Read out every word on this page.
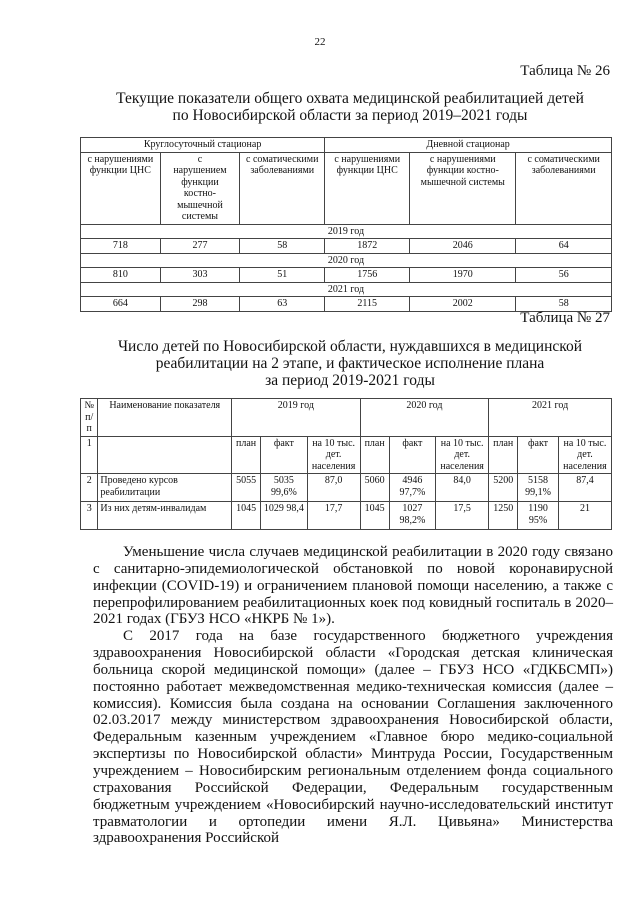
22
Таблица № 26
Текущие показатели общего охвата медицинской реабилитацией детей
по Новосибирской области за период 2019–2021 годы
Круглосуточный стационар			Дневной стационар		
с нарушениями функции ЦНС	с нарушением функции костно-мышечной системы	с соматическими заболеваниями	с нарушениями функции ЦНС	с нарушениями функции костно-мышечной системы	с соматическими заболеваниями
2019 год					
718	277	58	1872	2046	64
2020 год					
810	303	51	1756	1970	56
2021 год					
664	298	63	2115	2002	58
Таблица № 27
Число детей по Новосибирской области, нуждавшихся в медицинской
реабилитации на 2 этапе, и фактическое исполнение плана
за период 2019-2021 годы
№ п/п	Наименование показателя	2019 год			2020 год			2021 год		
1		план	факт	на 10 тыс. дет. населения	план	факт	на 10 тыс. дет. населения	план	факт	на 10 тыс. дет. населения
2	Проведено курсов реабилитации	5055	5035 99,6%	87,0	5060	4946 97,7%	84,0	5200	5158 99,1%	87,4
3	Из них детям-инвалидам	1045	1029 98,4	17,7	1045	1027 98,2%	17,5	1250	1190 95%	21

Уменьшение числа случаев медицинской реабилитации в 2020 году связано с санитарно-эпидемиологической обстановкой по новой коронавирусной инфекции (COVID-19) и ограничением плановой помощи населению, а также с перепрофилированием реабилитационных коек под ковидный госпиталь в 2020–2021 годах (ГБУЗ НСО «НКРБ № 1»).

С 2017 года на базе государственного бюджетного учреждения здравоохранения Новосибирской области «Городская детская клиническая больница скорой медицинской помощи» (далее – ГБУЗ НСО «ГДКБСМП») постоянно работает межведомственная медико-техническая комиссия (далее – комиссия). Комиссия была создана на основании Соглашения заключенного 02.03.2017 между министерством здравоохранения Новосибирской области, Федеральным казенным учреждением «Главное бюро медико-социальной экспертизы по Новосибирской области» Минтруда России, Государственным учреждением – Новосибирским региональным отделением фонда социального страхования Российской Федерации, Федеральным государственным бюджетным учреждением «Новосибирский научно-исследовательский институт травматологии и ортопедии имени Я.Л. Цивьяна» Министерства здравоохранения Российской
